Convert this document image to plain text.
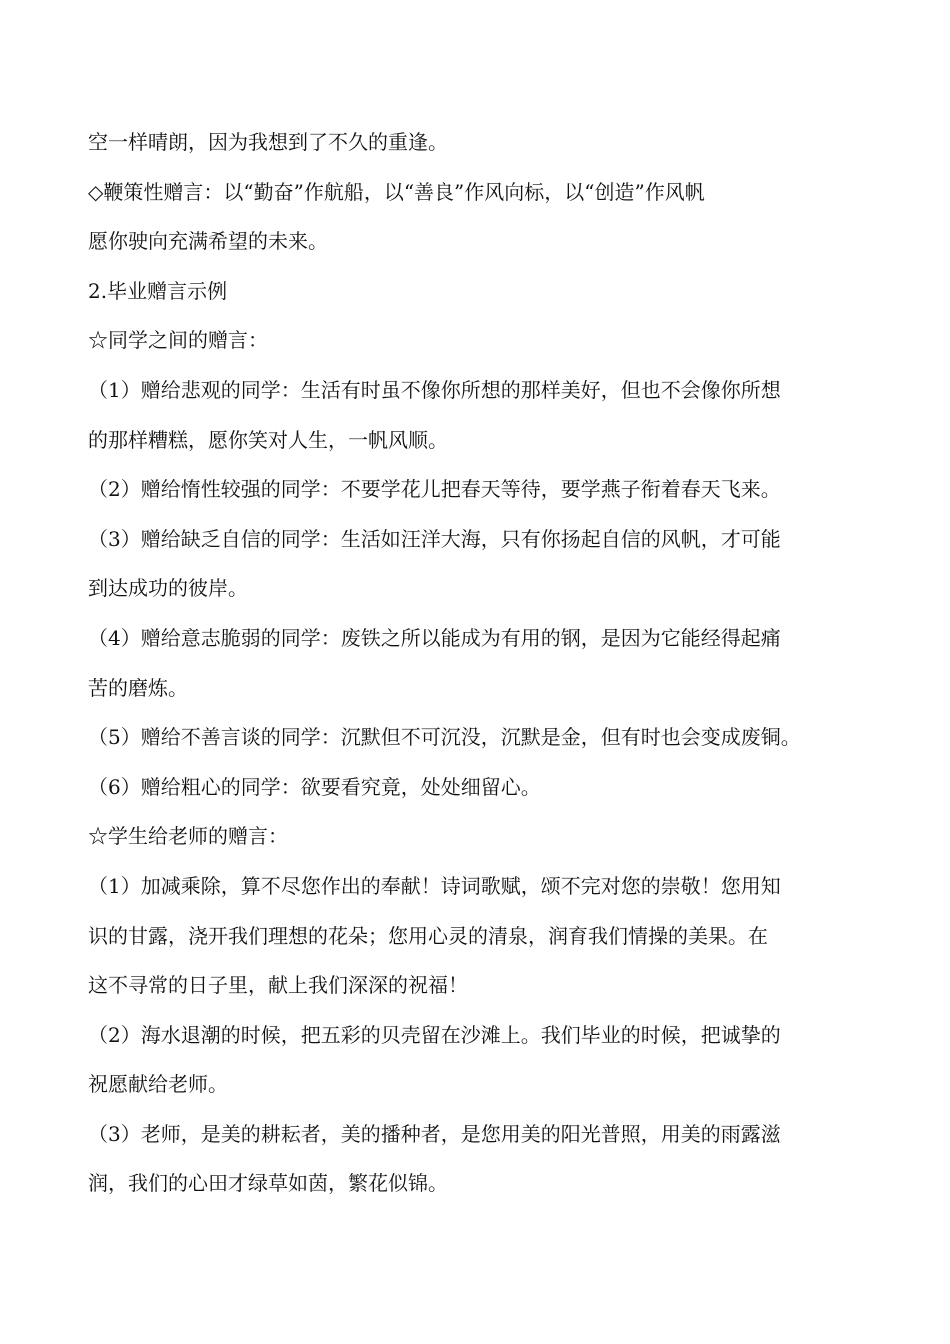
空一样晴朗，因为我想到了不久的重逢。
◇鞭策性赠言：以“勤奋”作航船，以“善良”作风向标，以“创造”作风帆
愿你驶向充满希望的未来。
2.毕业赠言示例
☆同学之间的赠言：
（1）赠给悲观的同学：生活有时虽不像你所想的那样美好，但也不会像你所想
的那样糟糕，愿你笑对人生，一帆风顺。
（2）赠给惰性较强的同学：不要学花儿把春天等待，要学燕子衔着春天飞来。
（3）赠给缺乏自信的同学：生活如汪洋大海，只有你扬起自信的风帆，才可能
到达成功的彼岸。
（4）赠给意志脆弱的同学：废铁之所以能成为有用的钢，是因为它能经得起痛
苦的磨炼。
（5）赠给不善言谈的同学：沉默但不可沉没，沉默是金，但有时也会变成废铜。
（6）赠给粗心的同学：欲要看究竟，处处细留心。
☆学生给老师的赠言：
（1）加减乘除，算不尽您作出的奉献！诗词歌赋，颂不完对您的崇敬！您用知
识的甘露，浇开我们理想的花朵；您用心灵的清泉，润育我们情操的美果。在
这不寻常的日子里，献上我们深深的祝福！
（2）海水退潮的时候，把五彩的贝壳留在沙滩上。我们毕业的时候，把诚挚的
祝愿献给老师。
（3）老师，是美的耕耘者，美的播种者，是您用美的阳光普照，用美的雨露滋
润，我们的心田才绿草如茵，繁花似锦。
